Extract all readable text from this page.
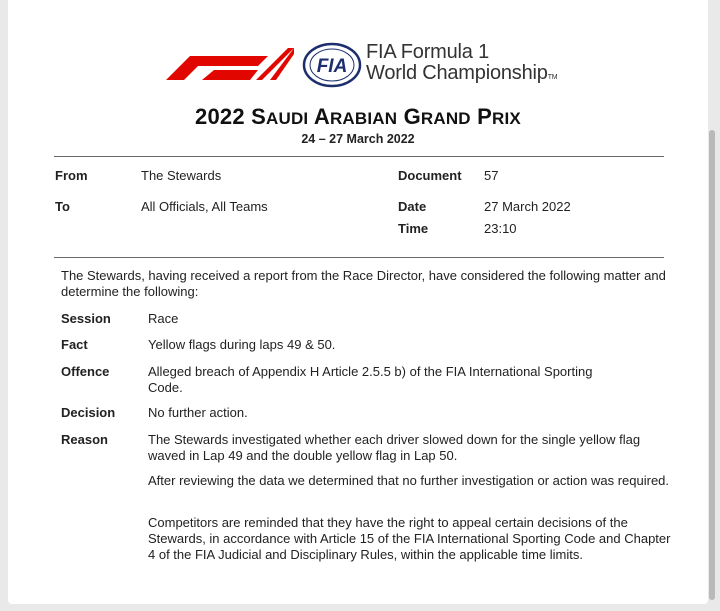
FIA
FIA Formula 1
World ChampionshipTM
2022 SAUDI ARABIAN GRAND PRIX
24 – 27 March 2022
From	The Stewards	Document 57
To	All Officials, All Teams	Date	27 March 2022
Time	23:10
The Stewards, having received a report from the Race Director, have considered the following matter and determine the following:
Session	Race
Fact	Yellow flags during laps 49 & 50.
Offence	Alleged breach of Appendix H Article 2.5.5 b) of the FIA International Sporting Code.
Decision	No further action.
Reason	The Stewards investigated whether each driver slowed down for the single yellow flag waved in Lap 49 and the double yellow flag in Lap 50.
After reviewing the data we determined that no further investigation or action was required.
Competitors are reminded that they have the right to appeal certain decisions of the Stewards, in accordance with Article 15 of the FIA International Sporting Code and Chapter 4 of the FIA Judicial and Disciplinary Rules, within the applicable time limits.
